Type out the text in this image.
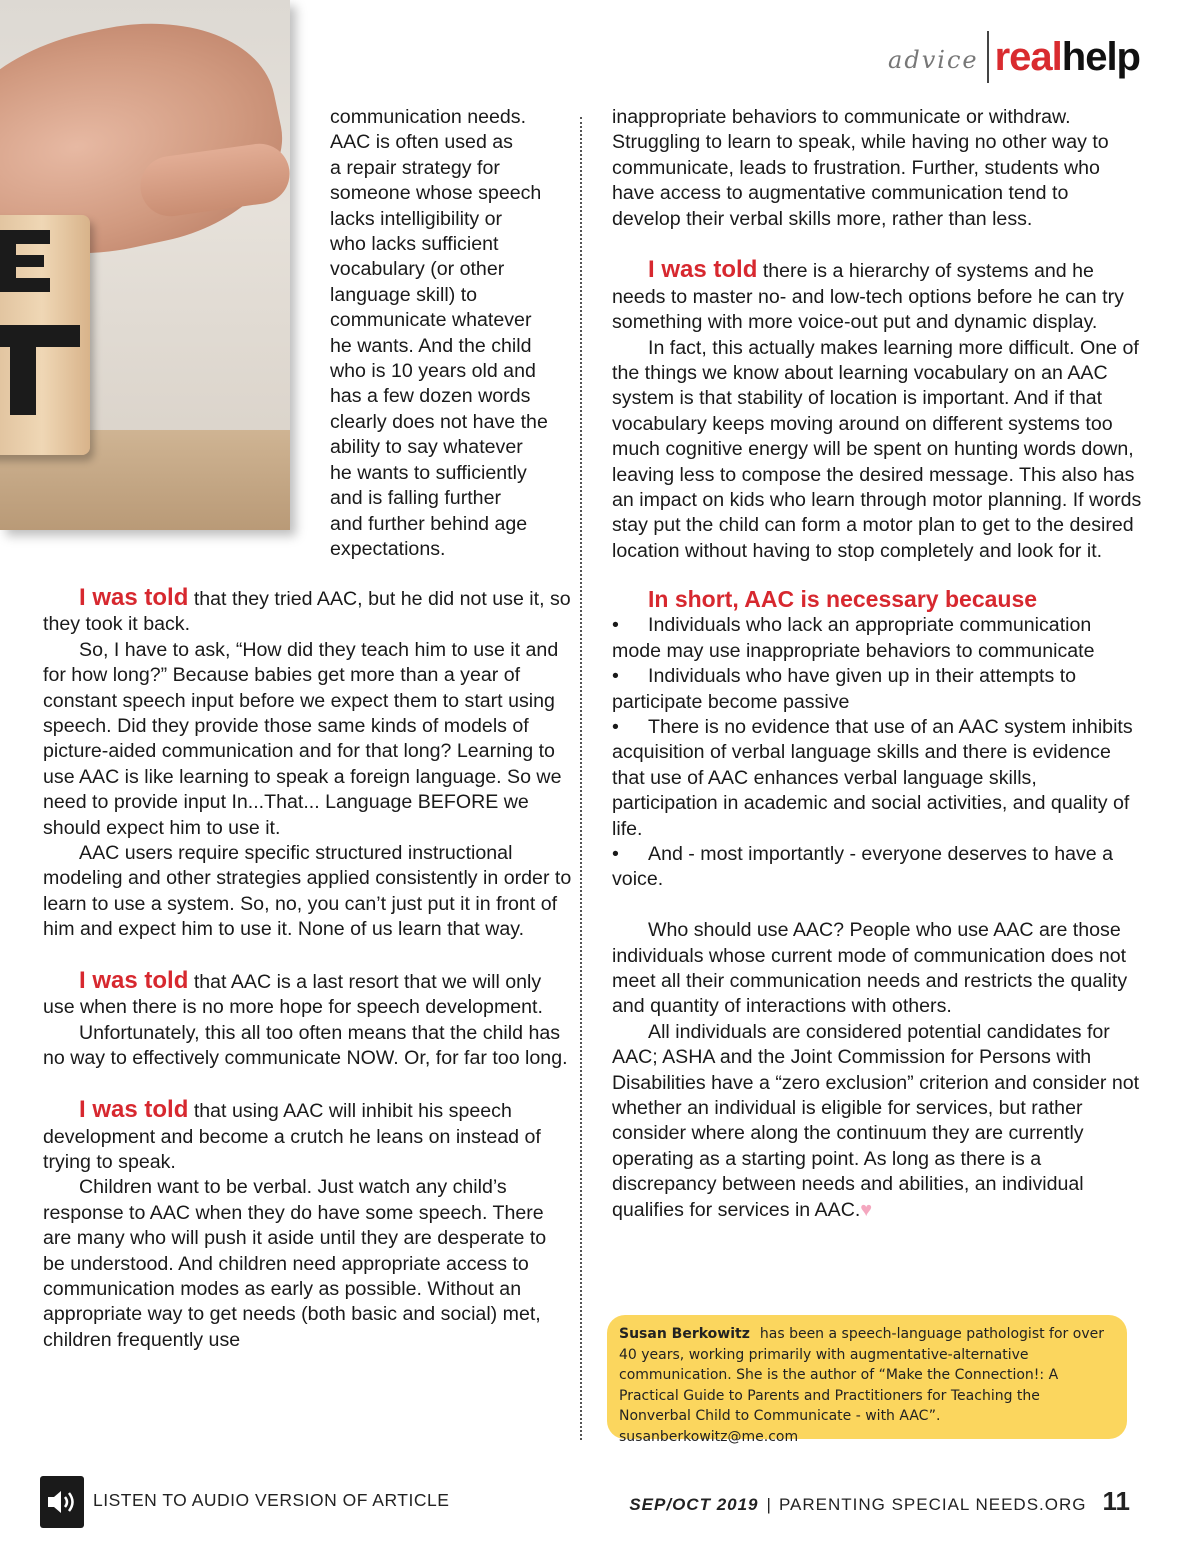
advice real help
communication needs.
AAC is often used as
a repair strategy for
someone whose speech
lacks intelligibility or
who lacks sufficient
vocabulary (or other
language skill) to
communicate whatever
he wants. And the child
who is 10 years old and
has a few dozen words
clearly does not have the
ability to say whatever
he wants to sufficiently
and is falling further
and further behind age
expectations.

I was told that they tried AAC, but he did not use it, so they took it back.

So, I have to ask, “How did they teach him to use it and for how long?” Because babies get more than a year of constant speech input before we expect them to start using speech. Did they provide those same kinds of models of picture-aided communication and for that long? Learning to use AAC is like learning to speak a foreign language. So we need to provide input In...That... Language BEFORE we should expect him to use it.

AAC users require specific structured instructional modeling and other strategies applied consistently in order to learn to use a system. So, no, you can’t just put it in front of him and expect him to use it. None of us learn that way.

I was told that AAC is a last resort that we will only use when there is no more hope for speech development.

Unfortunately, this all too often means that the child has no way to effectively communicate NOW. Or, for far too long.

I was told that using AAC will inhibit his speech development and become a crutch he leans on instead of trying to speak.

Children want to be verbal. Just watch any child’s response to AAC when they do have some speech. There are many who will push it aside until they are desperate to be understood. And children need appropriate access to communication modes as early as possible. Without an appropriate way to get needs (both basic and social) met, children frequently use

inappropriate behaviors to communicate or withdraw. Struggling to learn to speak, while having no other way to communicate, leads to frustration. Further, students who have access to augmentative communication tend to develop their verbal skills more, rather than less.

I was told there is a hierarchy of systems and he needs to master no- and low-tech options before he can try something with more voice-out put and dynamic display.

In fact, this actually makes learning more difficult. One of the things we know about learning vocabulary on an AAC system is that stability of location is important. And if that vocabulary keeps moving around on different systems too much cognitive energy will be spent on hunting words down, leaving less to compose the desired message. This also has an impact on kids who learn through motor planning. If words stay put the child can form a motor plan to get to the desired location without having to stop completely and look for it.

In short, AAC is necessary because

• Individuals who lack an appropriate communication mode may use inappropriate behaviors to communicate

• Individuals who have given up in their attempts to participate become passive

• There is no evidence that use of an AAC system inhibits acquisition of verbal language skills and there is evidence that use of AAC enhances verbal language skills, participation in academic and social activities, and quality of life.

• And - most importantly - everyone deserves to have a voice.

Who should use AAC? People who use AAC are those individuals whose current mode of communication does not meet all their communication needs and restricts the quality and quantity of interactions with others.

All individuals are considered potential candidates for AAC; ASHA and the Joint Commission for Persons with Disabilities have a “zero exclusion” criterion and consider not whether an individual is eligible for services, but rather consider where along the continuum they are currently operating as a starting point. As long as there is a discrepancy between needs and abilities, an individual qualifies for services in AAC.♥

Susan Berkowitz has been a speech-language pathologist for over 40 years, working primarily with augmentative-alternative communication. She is the author of “Make the Connection!: A Practical Guide to Parents and Practitioners for Teaching the Nonverbal Child to Communicate - with AAC”. susanberkowitz@me.com
LISTEN TO AUDIO VERSION OF ARTICLE	SEP/OCT 2019 | PARENTING SPECIAL NEEDS.ORG 11
